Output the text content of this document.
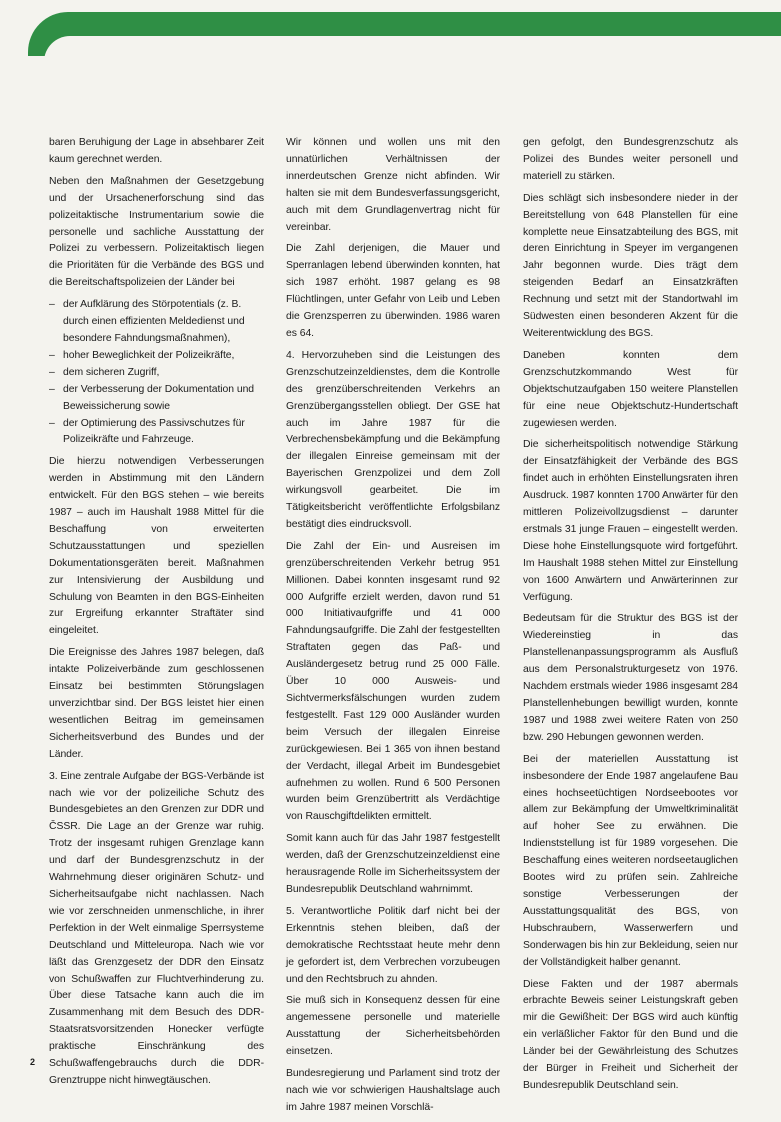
baren Beruhigung der Lage in absehbarer Zeit kaum gerechnet werden.

Neben den Maßnahmen der Gesetzgebung und der Ursachenerforschung sind das polizeitaktische Instrumentarium sowie die personelle und sachliche Ausstattung der Polizei zu verbessern. Polizeitaktisch liegen die Prioritäten für die Verbände des BGS und die Bereitschaftspolizeien der Länder bei

– der Aufklärung des Störpotentials (z. B. durch einen effizienten Meldedienst und besondere Fahndungsmaßnahmen),
– hoher Beweglichkeit der Polizeikräfte,
– dem sicheren Zugriff,
– der Verbesserung der Dokumentation und Beweissicherung sowie
– der Optimierung des Passivschutzes für Polizeikräfte und Fahrzeuge.

Die hierzu notwendigen Verbesserungen werden in Abstimmung mit den Ländern entwickelt. Für den BGS stehen – wie bereits 1987 – auch im Haushalt 1988 Mittel für die Beschaffung von erweiterten Schutzausstattungen und speziellen Dokumentationsgeräten bereit. Maßnahmen zur Intensivierung der Ausbildung und Schulung von Beamten in den BGS-Einheiten zur Ergreifung erkannter Straftäter sind eingeleitet.

Die Ereignisse des Jahres 1987 belegen, daß intakte Polizeiverbände zum geschlossenen Einsatz bei bestimmten Störungslagen unverzichtbar sind. Der BGS leistet hier einen wesentlichen Beitrag im gemeinsamen Sicherheitsverbund des Bundes und der Länder.

3. Eine zentrale Aufgabe der BGS-Verbände ist nach wie vor der polizeiliche Schutz des Bundesgebietes an den Grenzen zur DDR und ČSSR. Die Lage an der Grenze war ruhig. Trotz der insgesamt ruhigen Grenzlage kann und darf der Bundesgrenzschutz in der Wahrnehmung dieser originären Schutz- und Sicherheitsaufgabe nicht nachlassen. Nach wie vor zerschneiden unmenschliche, in ihrer Perfektion in der Welt einmalige Sperrsysteme Deutschland und Mitteleuropa. Nach wie vor läßt das Grenzgesetz der DDR den Einsatz von Schußwaffen zur Fluchtverhinderung zu. Über diese Tatsache kann auch die im Zusammenhang mit dem Besuch des DDR-Staatsratsvorsitzenden Honecker verfügte praktische Einschränkung des Schußwaffengebrauchs durch die DDR-Grenztruppe nicht hinwegtäuschen.

Wir können und wollen uns mit den unnatürlichen Verhältnissen der innerdeutschen Grenze nicht abfinden. Wir halten sie mit dem Bundesverfassungsgericht, auch mit dem Grundlagenvertrag nicht für vereinbar.

Die Zahl derjenigen, die Mauer und Sperranlagen lebend überwinden konnten, hat sich 1987 erhöht. 1987 gelang es 98 Flüchtlingen, unter Gefahr von Leib und Leben die Grenzsperren zu überwinden. 1986 waren es 64.

4. Hervorzuheben sind die Leistungen des Grenzschutzeinzeldienstes, dem die Kontrolle des grenzüberschreitenden Verkehrs an Grenzübergangsstellen obliegt. Der GSE hat auch im Jahre 1987 für die Verbrechensbekämpfung und die Bekämpfung der illegalen Einreise gemeinsam mit der Bayerischen Grenzpolizei und dem Zoll wirkungsvoll gearbeitet. Die im Tätigkeitsbericht veröffentlichte Erfolgsbilanz bestätigt dies eindrucksvoll.

Die Zahl der Ein- und Ausreisen im grenzüberschreitenden Verkehr betrug 951 Millionen. Dabei konnten insgesamt rund 92 000 Aufgriffe erzielt werden, davon rund 51 000 Initiativaufgriffe und 41 000 Fahndungsaufgriffe. Die Zahl der festgestellten Straftaten gegen das Paß- und Ausländergesetz betrug rund 25 000 Fälle. Über 10 000 Ausweis- und Sichtvermerksfälschungen wurden zudem festgestellt. Fast 129 000 Ausländer wurden beim Versuch der illegalen Einreise zurückgewiesen. Bei 1 365 von ihnen bestand der Verdacht, illegal Arbeit im Bundesgebiet aufnehmen zu wollen. Rund 6 500 Personen wurden beim Grenzübertritt als Verdächtige von Rauschgiftdelikten ermittelt.

Somit kann auch für das Jahr 1987 festgestellt werden, daß der Grenzschutzeinzeldienst eine herausragende Rolle im Sicherheitssystem der Bundesrepublik Deutschland wahrnimmt.

5. Verantwortliche Politik darf nicht bei der Erkenntnis stehen bleiben, daß der demokratische Rechtsstaat heute mehr denn je gefordert ist, dem Verbrechen vorzubeugen und den Rechtsbruch zu ahnden.

Sie muß sich in Konsequenz dessen für eine angemessene personelle und materielle Ausstattung der Sicherheitsbehörden einsetzen.

Bundesregierung und Parlament sind trotz der nach wie vor schwierigen Haushaltslage auch im Jahre 1987 meinen Vorschlä-

gen gefolgt, den Bundesgrenzschutz als Polizei des Bundes weiter personell und materiell zu stärken.

Dies schlägt sich insbesondere nieder in der Bereitstellung von 648 Planstellen für eine komplette neue Einsatzabteilung des BGS, mit deren Einrichtung in Speyer im vergangenen Jahr begonnen wurde. Dies trägt dem steigenden Bedarf an Einsatzkräften Rechnung und setzt mit der Standortwahl im Südwesten einen besonderen Akzent für die Weiterentwicklung des BGS.

Daneben konnten dem Grenzschutzkommando West für Objektschutzaufgaben 150 weitere Planstellen für eine neue Objektschutz-Hundertschaft zugewiesen werden.

Die sicherheitspolitisch notwendige Stärkung der Einsatzfähigkeit der Verbände des BGS findet auch in erhöhten Einstellungsraten ihren Ausdruck. 1987 konnten 1700 Anwärter für den mittleren Polizeivollzugsdienst – darunter erstmals 31 junge Frauen – eingestellt werden. Diese hohe Einstellungsquote wird fortgeführt. Im Haushalt 1988 stehen Mittel zur Einstellung von 1600 Anwärtern und Anwärterinnen zur Verfügung.

Bedeutsam für die Struktur des BGS ist der Wiedereinstieg in das Planstellenanpassungsprogramm als Ausfluß aus dem Personalstrukturgesetz von 1976. Nachdem erstmals wieder 1986 insgesamt 284 Planstellenhebungen bewilligt wurden, konnte 1987 und 1988 zwei weitere Raten von 250 bzw. 290 Hebungen gewonnen werden.

Bei der materiellen Ausstattung ist insbesondere der Ende 1987 angelaufene Bau eines hochseetüchtigen Nordseebootes vor allem zur Bekämpfung der Umweltkriminalität auf hoher See zu erwähnen. Die Indienststellung ist für 1989 vorgesehen. Die Beschaffung eines weiteren nordseetauglichen Bootes wird zu prüfen sein. Zahlreiche sonstige Verbesserungen der Ausstattungsqualität des BGS, von Hubschraubern, Wasserwerfern und Sonderwagen bis hin zur Bekleidung, seien nur der Vollständigkeit halber genannt.

Diese Fakten und der 1987 abermals erbrachte Beweis seiner Leistungskraft geben mir die Gewißheit: Der BGS wird auch künftig ein verläßlicher Faktor für den Bund und die Länder bei der Gewährleistung des Schutzes der Bürger in Freiheit und Sicherheit der Bundesrepublik Deutschland sein.

2
